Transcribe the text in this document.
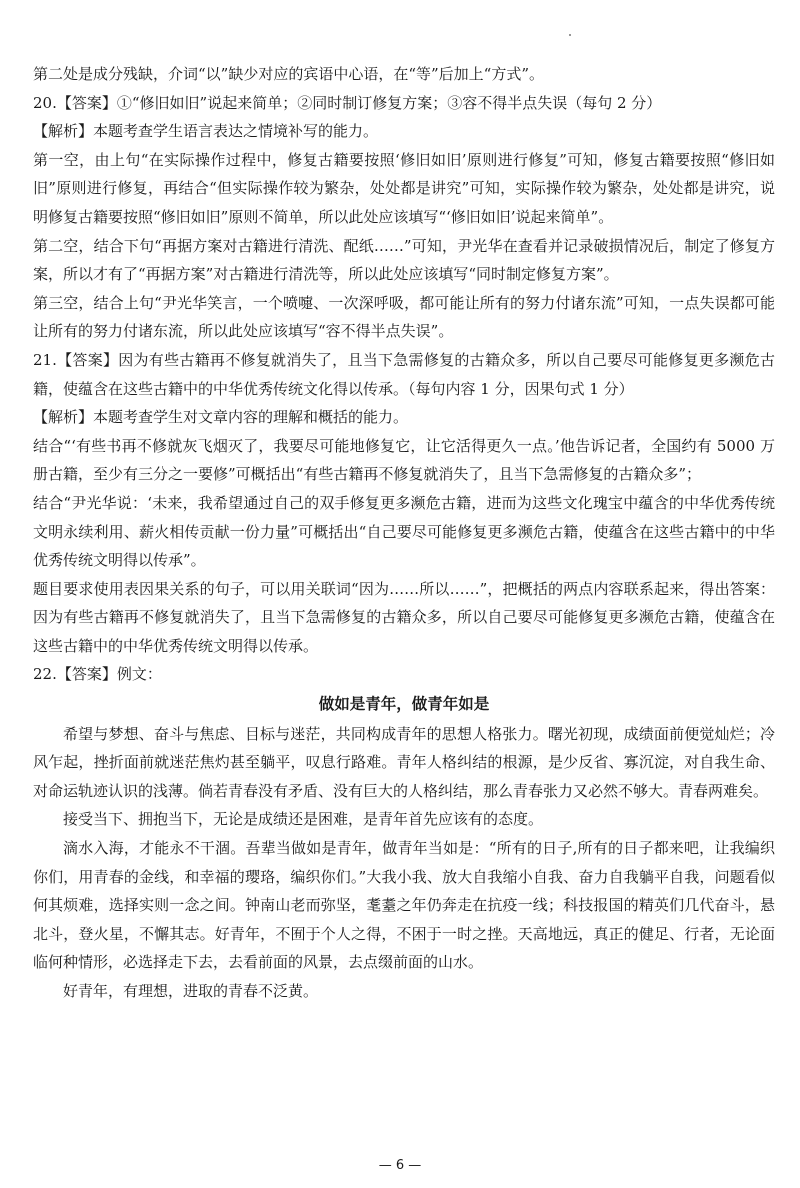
第二处是成分残缺，介词“以”缺少对应的宾语中心语，在“等”后加上“方式”。

20.【答案】①“修旧如旧”说起来简单；②同时制订修复方案；③容不得半点失误（每句 2 分）

【解析】本题考查学生语言表达之情境补写的能力。

第一空，由上句“在实际操作过程中，修复古籍要按照‘修旧如旧’原则进行修复”可知，修复古籍要按照“修旧如旧”原则进行修复，再结合“但实际操作较为繁杂，处处都是讲究”可知，实际操作较为繁杂，处处都是讲究，说明修复古籍要按照“修旧如旧”原则不简单，所以此处应该填写“‘修旧如旧’说起来简单”。

第二空，结合下句“再据方案对古籍进行清洗、配纸……”可知，尹光华在查看并记录破损情况后，制定了修复方案，所以才有了“再据方案”对古籍进行清洗等，所以此处应该填写“同时制定修复方案”。

第三空，结合上句“尹光华笑言，一个喷嚏、一次深呼吸，都可能让所有的努力付诸东流”可知，一点失误都可能让所有的努力付诸东流，所以此处应该填写“容不得半点失误”。

21.【答案】因为有些古籍再不修复就消失了，且当下急需修复的古籍众多，所以自己要尽可能修复更多濒危古籍，使蕴含在这些古籍中的中华优秀传统文化得以传承。（每句内容 1 分，因果句式 1 分）

【解析】本题考查学生对文章内容的理解和概括的能力。

结合“‘有些书再不修就灰飞烟灭了，我要尽可能地修复它，让它活得更久一点。’他告诉记者，全国约有 5000 万册古籍，至少有三分之一要修”可概括出“有些古籍再不修复就消失了，且当下急需修复的古籍众多”；

结合“尹光华说：‘未来，我希望通过自己的双手修复更多濒危古籍，进而为这些文化瑰宝中蕴含的中华优秀传统文明永续利用、薪火相传贡献一份力量”可概括出“自己要尽可能修复更多濒危古籍，使蕴含在这些古籍中的中华优秀传统文明得以传承”。

题目要求使用表因果关系的句子，可以用关联词“因为……所以……”，把概括的两点内容联系起来，得出答案：因为有些古籍再不修复就消失了，且当下急需修复的古籍众多，所以自己要尽可能修复更多濒危古籍，使蕴含在这些古籍中的中华优秀传统文明得以传承。

22.【答案】例文：

做如是青年，做青年如是

希望与梦想、奋斗与焦虑、目标与迷茫，共同构成青年的思想人格张力。曙光初现，成绩面前便觉灿烂；冷风乍起，挫折面前就迷茫焦灼甚至躺平，叹息行路难。青年人格纠结的根源，是少反省、寡沉淀，对自我生命、对命运轨迹认识的浅薄。倘若青春没有矛盾、没有巨大的人格纠结，那么青春张力又必然不够大。青春两难矣。

接受当下、拥抱当下，无论是成绩还是困难，是青年首先应该有的态度。

滴水入海，才能永不干涸。吾辈当做如是青年，做青年当如是：“所有的日子,所有的日子都来吧，让我编织你们，用青春的金线，和幸福的璎珞，编织你们。”大我小我、放大自我缩小自我、奋力自我躺平自我，问题看似何其烦难，选择实则一念之间。钟南山老而弥坚，耄耋之年仍奔走在抗疫一线；科技报国的精英们几代奋斗，悬北斗，登火星，不懈其志。好青年，不囿于个人之得，不困于一时之挫。天高地远，真正的健足、行者，无论面临何种情形，必选择走下去，去看前面的风景，去点缀前面的山水。

好青年，有理想，进取的青春不泛黄。

— 6 —
